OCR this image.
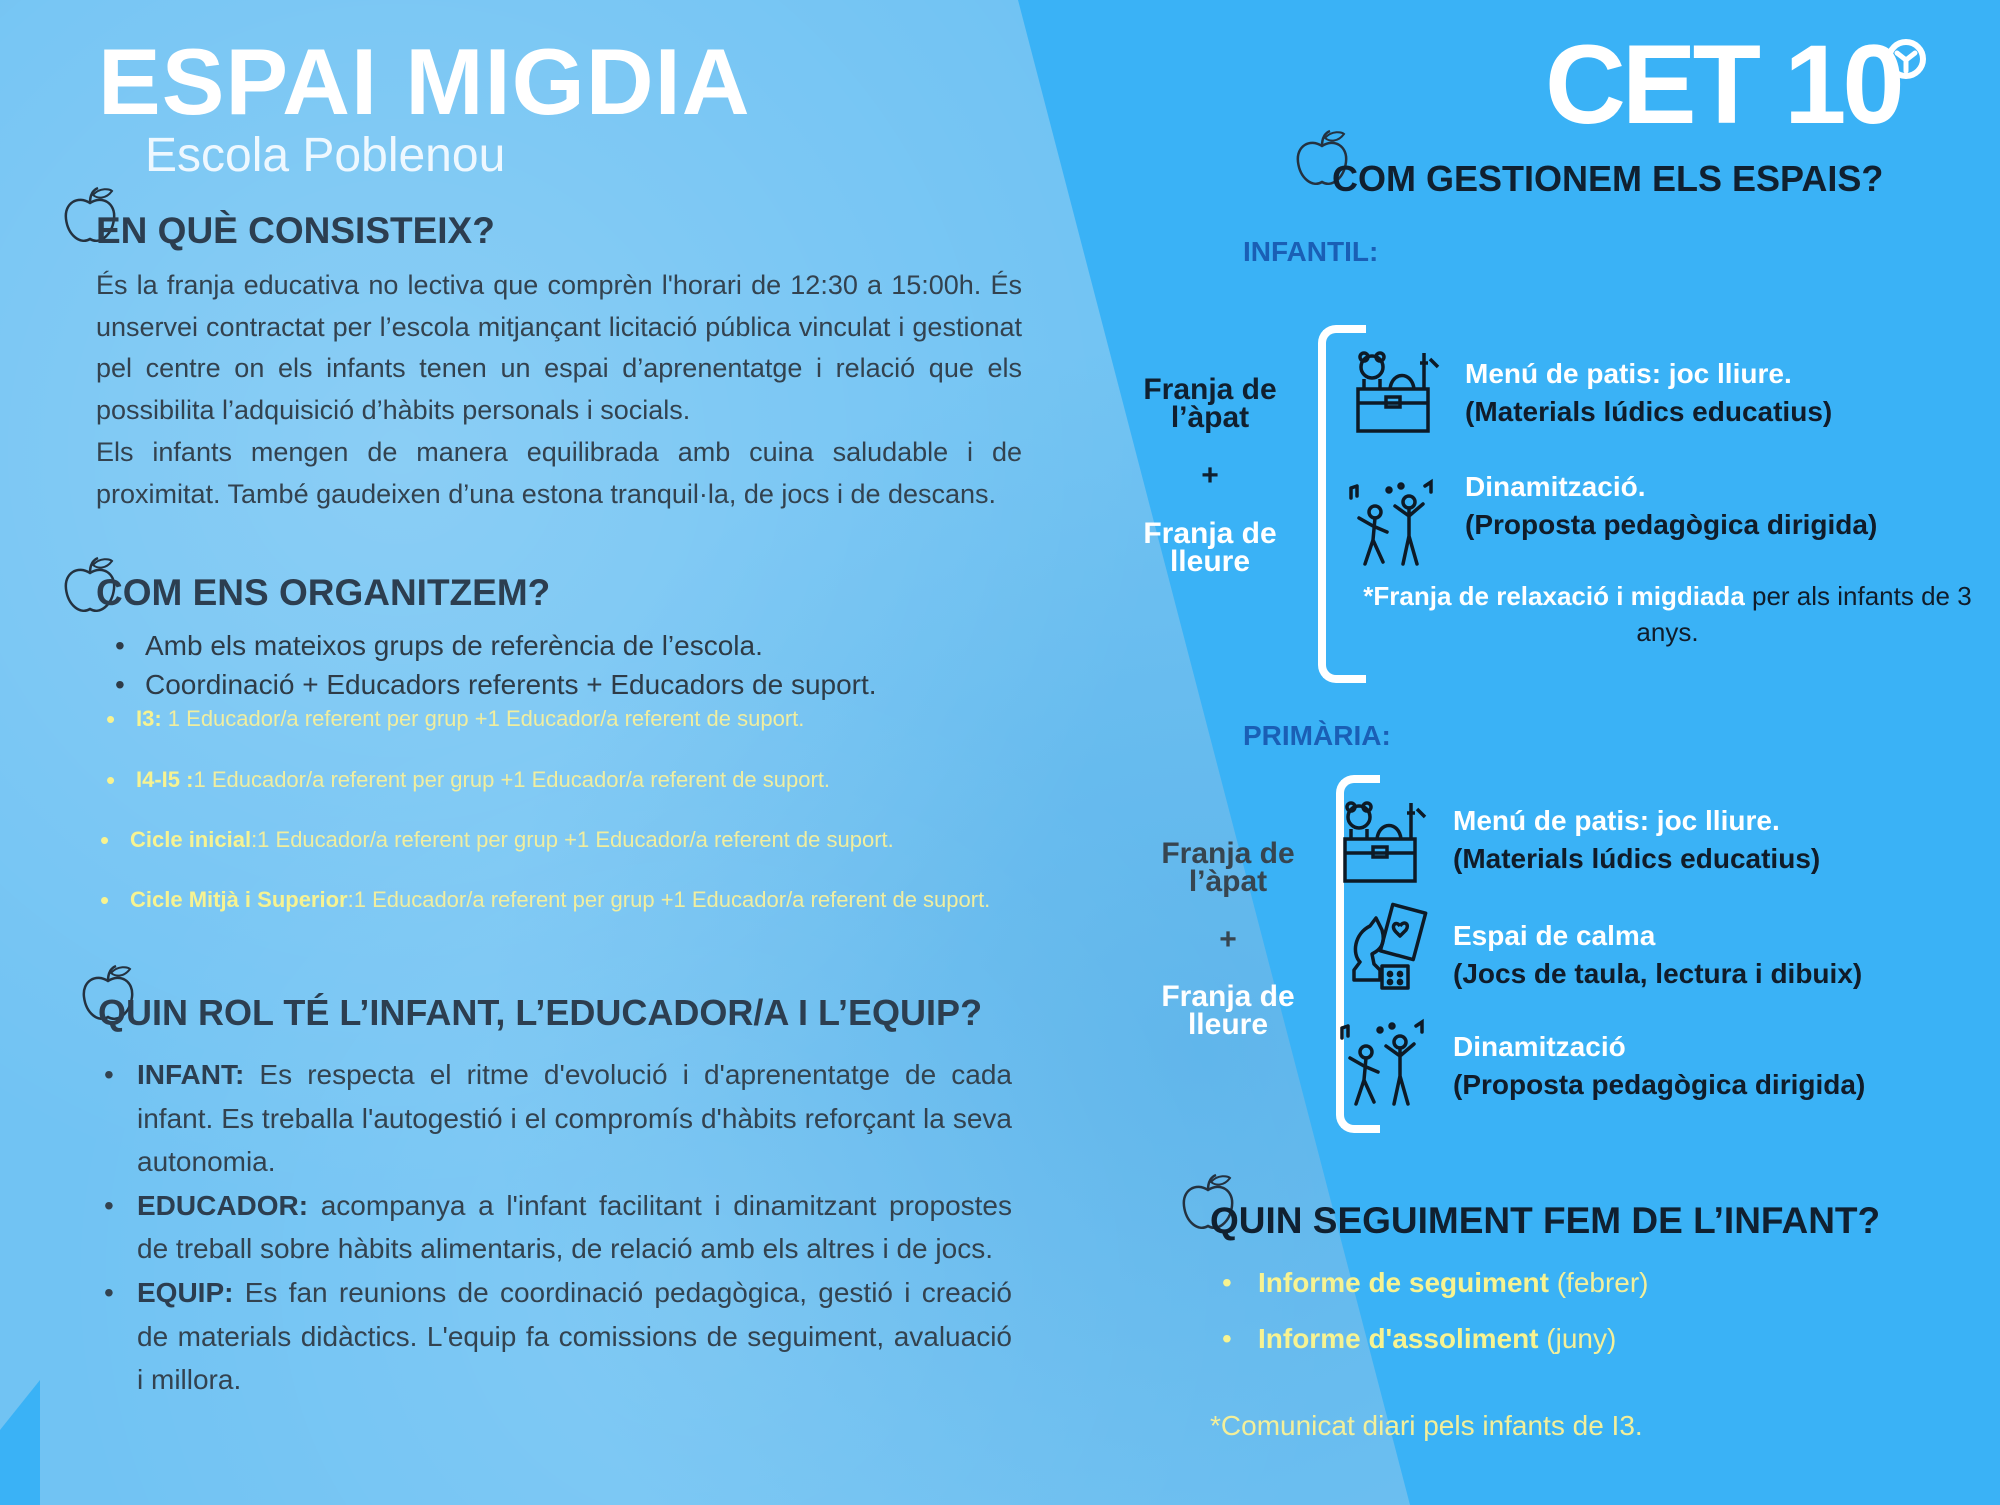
ESPAI MIGDIA
Escola Poblenou
CET 10
EN QUÈ CONSISTEIX?

És la franja educativa no lectiva que comprèn l'horari de 12:30 a 15:00h. És unservei contractat per l’escola mitjançant licitació pública vinculat i gestionat pel centre on els infants tenen un espai d’aprenentatge i relació que els possibilita l’adquisició d’hàbits personals i socials.

Els infants mengen de manera equilibrada amb cuina saludable i de proximitat. També gaudeixen d’una estona tranquil·la, de jocs i de descans.

COM ENS ORGANITZEM?
• Amb els mateixos grups de referència de l’escola.
• Coordinació + Educadors referents + Educadors de suport.
• I3: 1 Educador/a referent per grup +1 Educador/a referent de suport.
• I4-I5 :1 Educador/a referent per grup +1 Educador/a referent de suport.
• Cicle inicial:1 Educador/a referent per grup +1 Educador/a referent de suport.
• Cicle Mitjà i Superior:1 Educador/a referent per grup +1 Educador/a referent de suport.
QUIN ROL TÉ L’INFANT, L’EDUCADOR/A I L’EQUIP?
• INFANT: Es respecta el ritme d'evolució i d'aprenentatge de cada infant. Es treballa l'autogestió i el compromís d'hàbits reforçant la seva autonomia.
• EDUCADOR: acompanya a l'infant facilitant i dinamitzant propostes de treball sobre hàbits alimentaris, de relació amb els altres i de jocs.
• EQUIP: Es fan reunions de coordinació pedagògica, gestió i creació de materials didàctics. L'equip fa comissions de seguiment, avaluació i millora.
COM GESTIONEM ELS ESPAIS?
INFANTIL:
Franja de l’àpat
+
Franja de lleure
Menú de patis: joc lliure.
(Materials lúdics educatius)
Dinamització.
(Proposta pedagògica dirigida)
*Franja de relaxació i migdiada per als infants de 3 anys.
PRIMÀRIA:
Franja de l’àpat
+
Franja de lleure
Menú de patis: joc lliure.
(Materials lúdics educatius)
Espai de calma
(Jocs de taula, lectura i dibuix)
Dinamització
(Proposta pedagògica dirigida)
QUIN SEGUIMENT FEM DE L’INFANT?
• Informe de seguiment (febrer)
• Informe d'assoliment (juny)
*Comunicat diari pels infants de I3.
